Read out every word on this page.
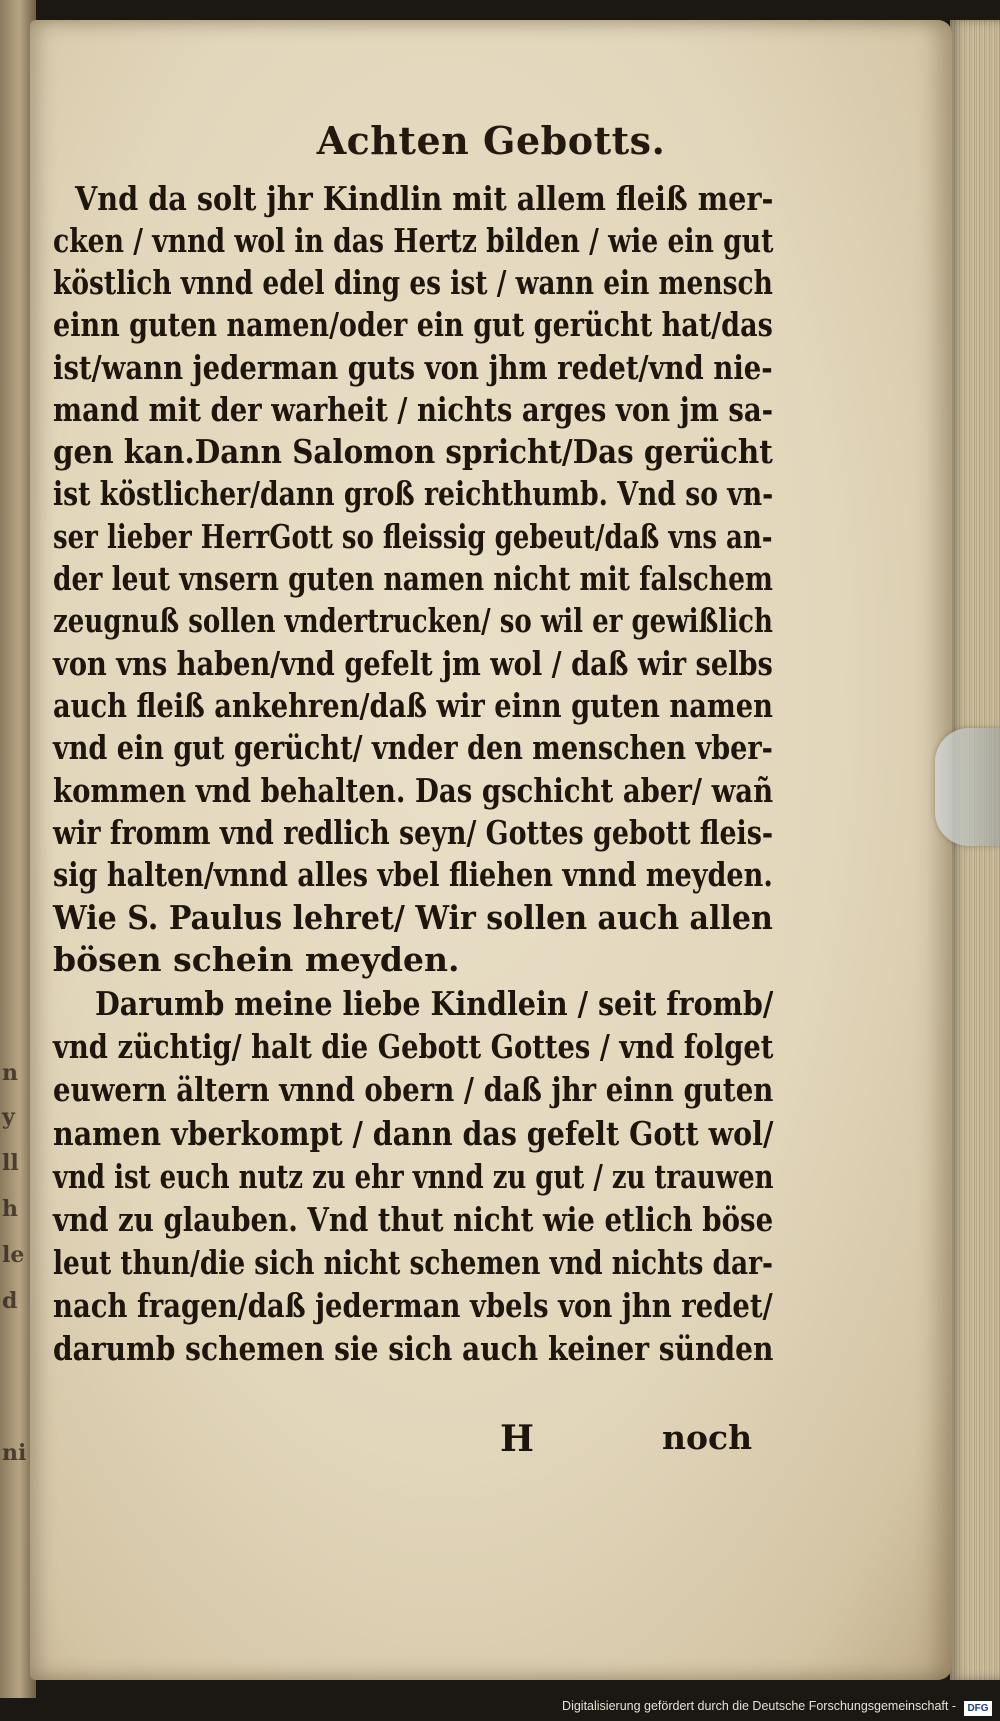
n
y
ll
h
le
d
ni
Achten Gebotts.
Vnd da solt jhr Kindlin mit allem fleiß mer-
cken / vnnd wol in das Hertz bilden / wie ein gut
köstlich vnnd edel ding es ist / wann ein mensch
einn guten namen/oder ein gut gerücht hat/das
ist/wann jederman guts von jhm redet/vnd nie-
mand mit der warheit / nichts arges von jm sa-
gen kan.Dann Salomon spricht/Das gerücht
ist köstlicher/dann groß reichthumb. Vnd so vn-
ser lieber HerrGott so fleissig gebeut/daß vns an-
der leut vnsern guten namen nicht mit falschem
zeugnuß sollen vndertrucken/ so wil er gewißlich
von vns haben/vnd gefelt jm wol / daß wir selbs
auch fleiß ankehren/daß wir einn guten namen
vnd ein gut gerücht/ vnder den menschen vber-
kommen vnd behalten. Das gschicht aber/ wañ
wir fromm vnd redlich seyn/ Gottes gebott fleis-
sig halten/vnnd alles vbel fliehen vnnd meyden.
Wie S. Paulus lehret/ Wir sollen auch allen
bösen schein meyden.
Darumb meine liebe Kindlein / seit fromb/
vnd züchtig/ halt die Gebott Gottes / vnd folget
euwern ältern vnnd obern / daß jhr einn guten
namen vberkompt / dann das gefelt Gott wol/
vnd ist euch nutz zu ehr vnnd zu gut / zu trauwen
vnd zu glauben. Vnd thut nicht wie etlich böse
leut thun/die sich nicht schemen vnd nichts dar-
nach fragen/daß jederman vbels von jhn redet/
darumb schemen sie sich auch keiner sünden
H	noch
Digitalisierung gefördert durch die Deutsche Forschungsgemeinschaft -	DFG
